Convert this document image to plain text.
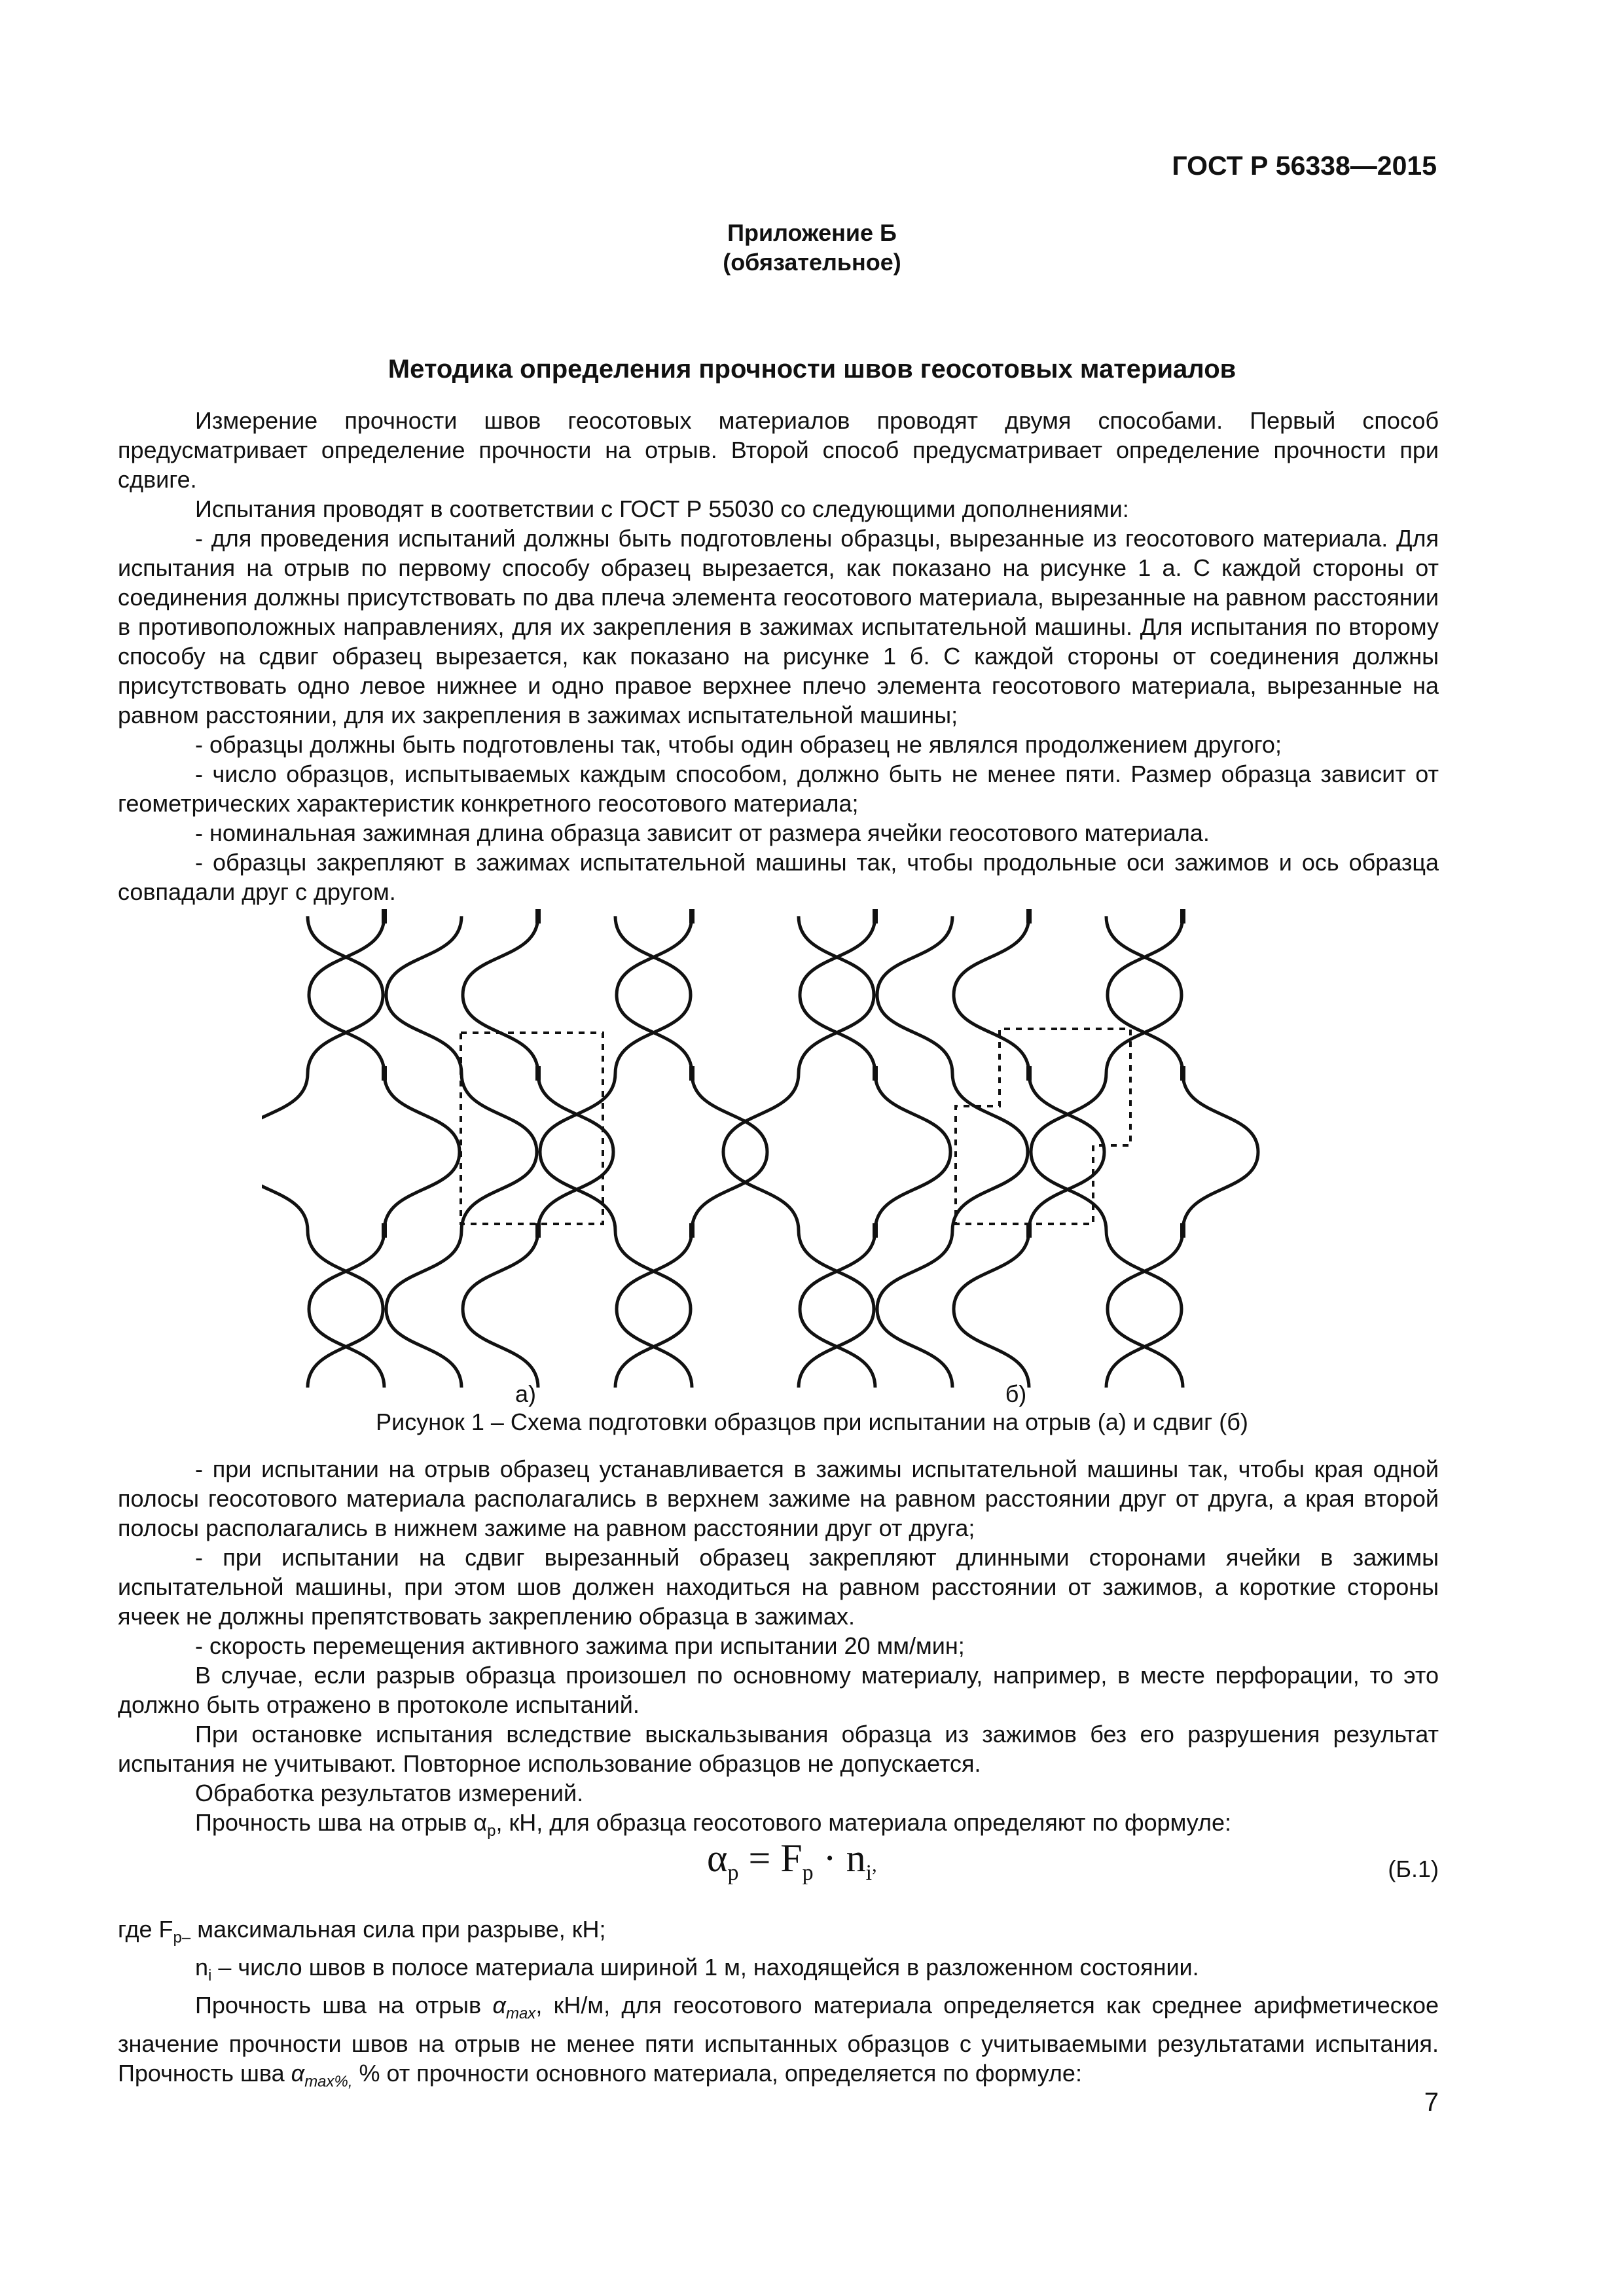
ГОСТ Р 56338—2015
Приложение Б
(обязательное)
Методика определения прочности швов геосотовых материалов

Измерение прочности швов геосотовых материалов проводят двумя способами. Первый способ предусматривает определение прочности на отрыв. Второй способ предусматривает определение прочности при сдвиге.

Испытания проводят в соответствии с ГОСТ Р 55030 со следующими дополнениями:

- для проведения испытаний должны быть подготовлены образцы, вырезанные из геосотового материала. Для испытания на отрыв по первому способу образец вырезается, как показано на рисунке 1 а. С каждой стороны от соединения должны присутствовать по два плеча элемента геосотового материала, вырезанные на равном расстоянии в противоположных направлениях, для их закрепления в зажимах испытательной машины. Для испытания по второму способу на сдвиг образец вырезается, как показано на рисунке 1 б. С каждой стороны от соединения должны присутствовать одно левое нижнее и одно правое верхнее плечо элемента геосотового материала, вырезанные на равном расстоянии, для их закрепления в зажимах испытательной машины;

- образцы должны быть подготовлены так, чтобы один образец не являлся продолжением другого;

- число образцов, испытываемых каждым способом, должно быть не менее пяти. Размер образца зависит от геометрических характеристик конкретного геосотового материала;

- номинальная зажимная длина образца зависит от размера ячейки геосотового материала.

- образцы закрепляют в зажимах испытательной машины так, чтобы продольные оси зажимов и ось образца совпадали друг с другом.

а)	б)
Рисунок 1 – Схема подготовки образцов при испытании на отрыв (а) и сдвиг (б)

- при испытании на отрыв образец устанавливается в зажимы испытательной машины так, чтобы края одной полосы геосотового материала располагались в верхнем зажиме на равном расстоянии друг от друга, а края второй полосы располагались в нижнем зажиме на равном расстоянии друг от друга;

- при испытании на сдвиг вырезанный образец закрепляют длинными сторонами ячейки в зажимы испытательной машины, при этом шов должен находиться на равном расстоянии от зажимов, а короткие стороны ячеек не должны препятствовать закреплению образца в зажимах.

- скорость перемещения активного зажима при испытании 20 мм/мин;

В случае, если разрыв образца произошел по основному материалу, например, в месте перфорации, то это должно быть отражено в протоколе испытаний.

При остановке испытания вследствие выскальзывания образца из зажимов без его разрушения результат испытания не учитывают. Повторное использование образцов не допускается.

Обработка результатов измерений.

Прочность шва на отрыв $\alpha_р$, кН, для образца геосотового материала определяют по формуле:

$\alpha_p = F_p \cdot n_i$,	(Б.1)

где $F_{р-}$ максимальная сила при разрыве, кН;

$n_i$ – число швов в полосе материала шириной 1 м, находящейся в разложенном состоянии.

Прочность шва на отрыв $\alpha_{max}$, кН/м, для геосотового материала определяется как среднее арифметическое значение прочности швов на отрыв не менее пяти испытанных образцов с учитываемыми результатами испытания. Прочность шва $\alpha_{max\%,}$ % от прочности основного материала, определяется по формуле:

7
